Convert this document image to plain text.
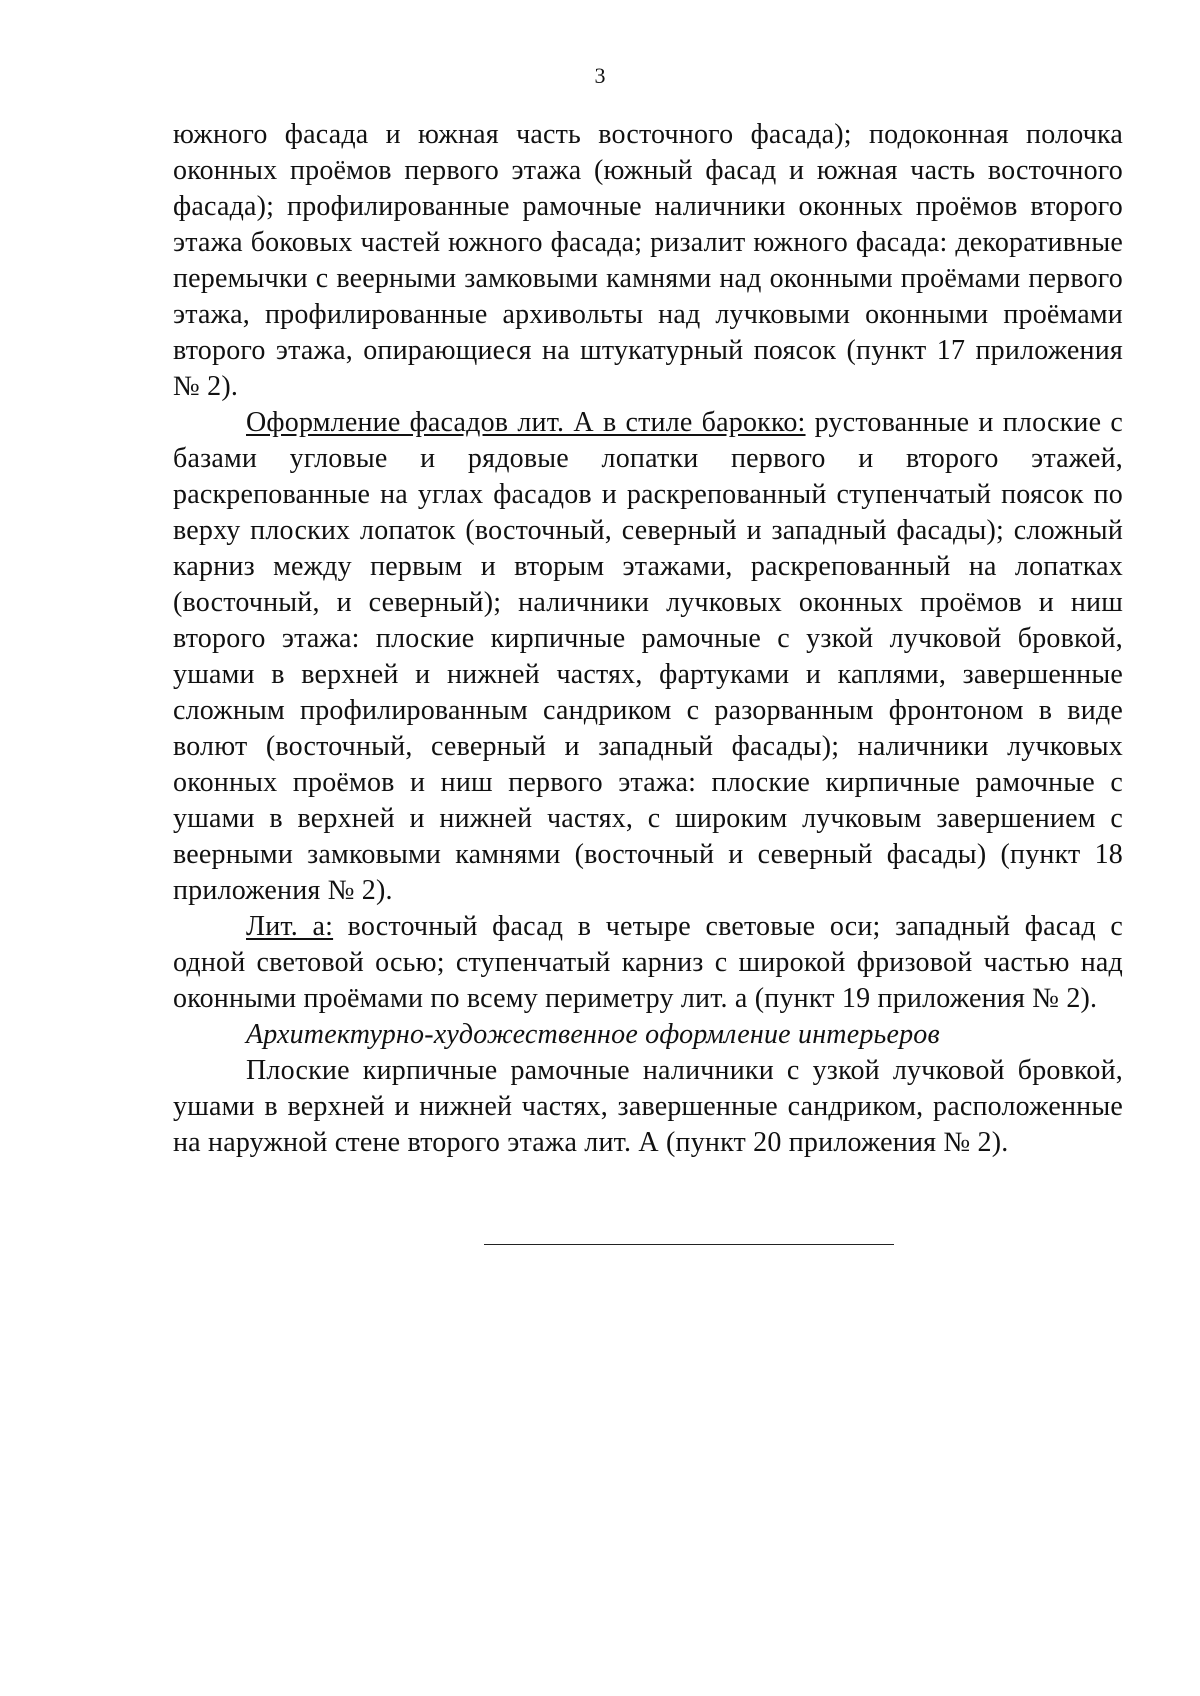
3

южного фасада и южная часть восточного фасада); подоконная полочка оконных проёмов первого этажа (южный фасад и южная часть восточного фасада); профилированные рамочные наличники оконных проёмов второго этажа боковых частей южного фасада; ризалит южного фасада: декоративные перемычки с веерными замковыми камнями над оконными проёмами первого этажа, профилированные архивольты над лучковыми оконными проёмами второго этажа, опирающиеся на штукатурный поясок (пункт 17 приложения № 2).

Оформление фасадов лит. А в стиле барокко: рустованные и плоские с базами угловые и рядовые лопатки первого и второго этажей, раскрепованные на углах фасадов и раскрепованный ступенчатый поясок по верху плоских лопаток (восточный, северный и западный фасады); сложный карниз между первым и вторым этажами, раскрепованный на лопатках (восточный, и северный); наличники лучковых оконных проёмов и ниш второго этажа: плоские кирпичные рамочные с узкой лучковой бровкой, ушами в верхней и нижней частях, фартуками и каплями, завершенные сложным профилированным сандриком с разорванным фронтоном в виде волют (восточный, северный и западный фасады); наличники лучковых оконных проёмов и ниш первого этажа: плоские кирпичные рамочные с ушами в верхней и нижней частях, с широким лучковым завершением с веерными замковыми камнями (восточный и северный фасады) (пункт 18 приложения № 2).

Лит. а: восточный фасад в четыре световые оси; западный фасад с одной световой осью; ступенчатый карниз с широкой фризовой частью над оконными проёмами по всему периметру лит. а (пункт 19 приложения № 2).

Архитектурно-художественное оформление интерьеров

Плоские кирпичные рамочные наличники с узкой лучковой бровкой, ушами в верхней и нижней частях, завершенные сандриком, расположенные на наружной стене второго этажа лит. А (пункт 20 приложения № 2).
